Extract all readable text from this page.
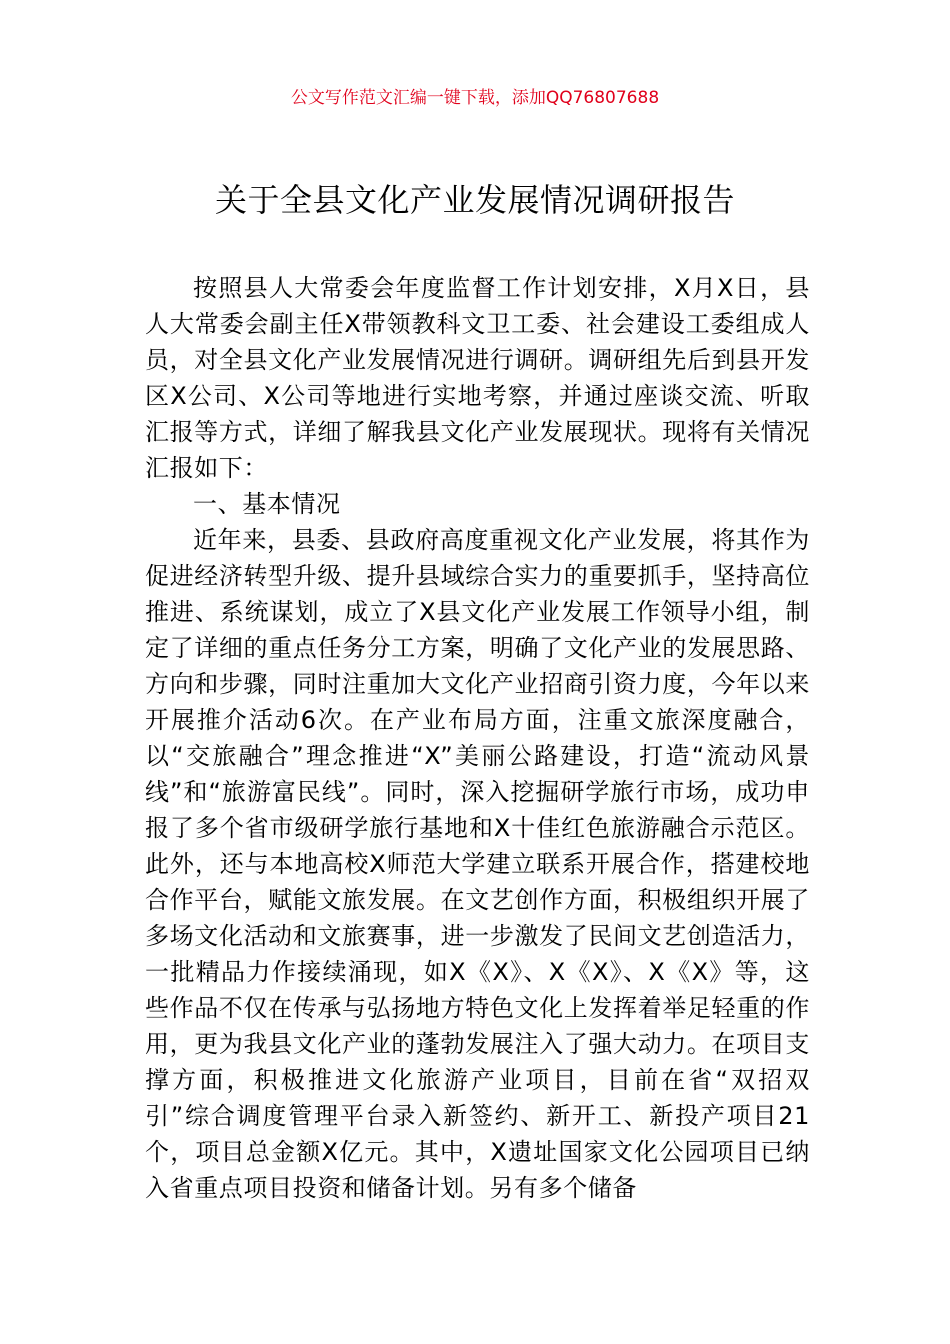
公文写作范文汇编一键下载，添加QQ76807688
关于全县文化产业发展情况调研报告

按照县人大常委会年度监督工作计划安排，X月X日，县人大常委会副主任X带领教科文卫工委、社会建设工委组成人员，对全县文化产业发展情况进行调研。调研组先后到县开发区X公司、X公司等地进行实地考察，并通过座谈交流、听取汇报等方式，详细了解我县文化产业发展现状。现将有关情况汇报如下：

一、基本情况

近年来，县委、县政府高度重视文化产业发展，将其作为促进经济转型升级、提升县域综合实力的重要抓手，坚持高位推进、系统谋划，成立了X县文化产业发展工作领导小组，制定了详细的重点任务分工方案，明确了文化产业的发展思路、方向和步骤，同时注重加大文化产业招商引资力度，今年以来开展推介活动6次。在产业布局方面，注重文旅深度融合，以“交旅融合”理念推进“X”美丽公路建设，打造“流动风景线”和“旅游富民线”。同时，深入挖掘研学旅行市场，成功申报了多个省市级研学旅行基地和X十佳红色旅游融合示范区。此外，还与本地高校X师范大学建立联系开展合作，搭建校地合作平台，赋能文旅发展。在文艺创作方面，积极组织开展了多场文化活动和文旅赛事，进一步激发了民间文艺创造活力，一批精品力作接续涌现，如X《X》、X《X》、X《X》等，这些作品不仅在传承与弘扬地方特色文化上发挥着举足轻重的作用，更为我县文化产业的蓬勃发展注入了强大动力。在项目支撑方面，积极推进文化旅游产业项目，目前在省“双招双引”综合调度管理平台录入新签约、新开工、新投产项目21个，项目总金额X亿元。其中，X遗址国家文化公园项目已纳入省重点项目投资和储备计划。另有多个储备
